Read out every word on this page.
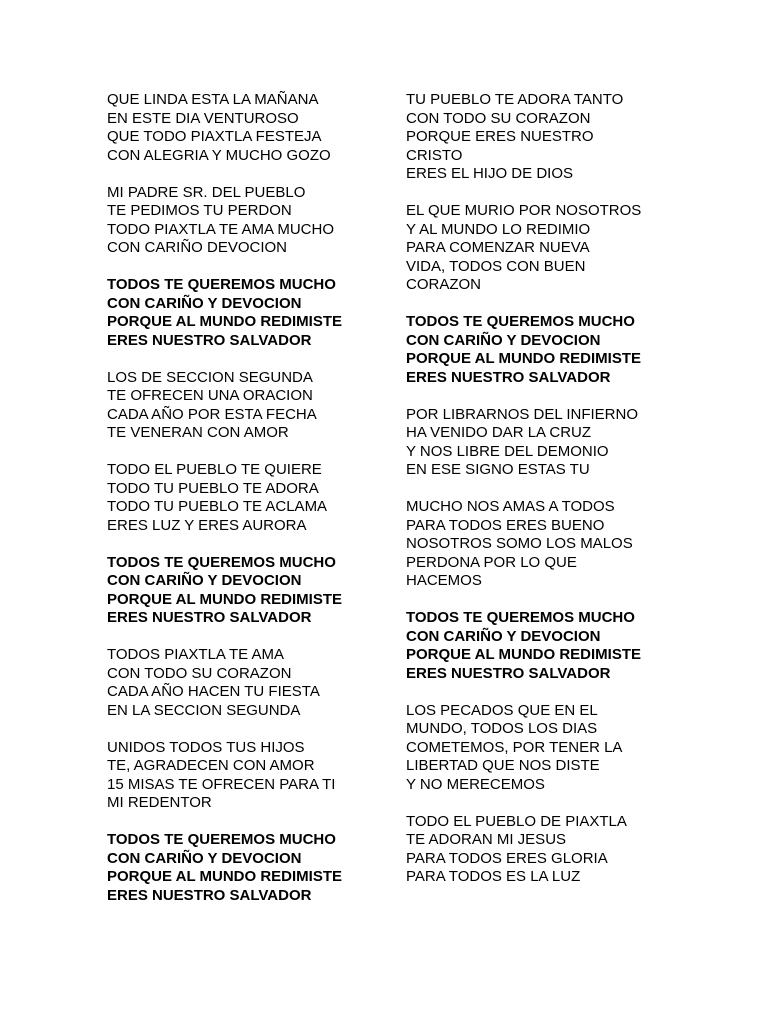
QUE LINDA ESTA LA MAÑANA
EN ESTE DIA VENTUROSO
QUE TODO PIAXTLA FESTEJA
CON ALEGRIA Y MUCHO GOZO
MI PADRE SR. DEL PUEBLO
TE PEDIMOS TU PERDON
TODO PIAXTLA TE AMA MUCHO
CON CARIÑO DEVOCION
TODOS TE QUEREMOS MUCHO
CON CARIÑO Y DEVOCION
PORQUE AL MUNDO REDIMISTE
ERES NUESTRO SALVADOR
LOS DE SECCION SEGUNDA
TE OFRECEN UNA ORACION
CADA AÑO POR ESTA FECHA
TE VENERAN CON AMOR
TODO EL PUEBLO TE QUIERE
TODO TU PUEBLO TE ADORA
TODO TU PUEBLO TE ACLAMA
ERES LUZ Y ERES AURORA
TODOS TE QUEREMOS MUCHO
CON CARIÑO Y DEVOCION
PORQUE AL MUNDO REDIMISTE
ERES NUESTRO SALVADOR
TODOS PIAXTLA TE AMA
CON TODO SU CORAZON
CADA AÑO HACEN TU FIESTA
EN LA SECCION SEGUNDA
UNIDOS TODOS TUS HIJOS
TE, AGRADECEN CON AMOR
15 MISAS TE OFRECEN PARA TI
MI REDENTOR
TODOS TE QUEREMOS MUCHO
CON CARIÑO Y DEVOCION
PORQUE AL MUNDO REDIMISTE
ERES NUESTRO SALVADOR
TU PUEBLO TE ADORA TANTO
CON TODO SU CORAZON
PORQUE ERES NUESTRO
CRISTO
ERES EL HIJO DE DIOS
EL QUE MURIO POR NOSOTROS
Y AL MUNDO LO REDIMIO
PARA COMENZAR NUEVA
VIDA, TODOS CON BUEN
CORAZON
TODOS TE QUEREMOS MUCHO
CON CARIÑO Y DEVOCION
PORQUE AL MUNDO REDIMISTE
ERES NUESTRO SALVADOR
POR LIBRARNOS DEL INFIERNO
HA VENIDO DAR LA CRUZ
Y NOS LIBRE DEL DEMONIO
EN ESE SIGNO ESTAS TU
MUCHO NOS AMAS A TODOS
PARA TODOS ERES BUENO
NOSOTROS SOMO LOS MALOS
PERDONA POR LO QUE
HACEMOS
TODOS TE QUEREMOS MUCHO
CON CARIÑO Y DEVOCION
PORQUE AL MUNDO REDIMISTE
ERES NUESTRO SALVADOR
LOS PECADOS QUE EN EL
MUNDO, TODOS LOS DIAS
COMETEMOS, POR TENER LA
LIBERTAD QUE NOS DISTE
Y NO MERECEMOS
TODO EL PUEBLO DE PIAXTLA
TE ADORAN MI JESUS
PARA TODOS ERES GLORIA
PARA TODOS ES LA LUZ
